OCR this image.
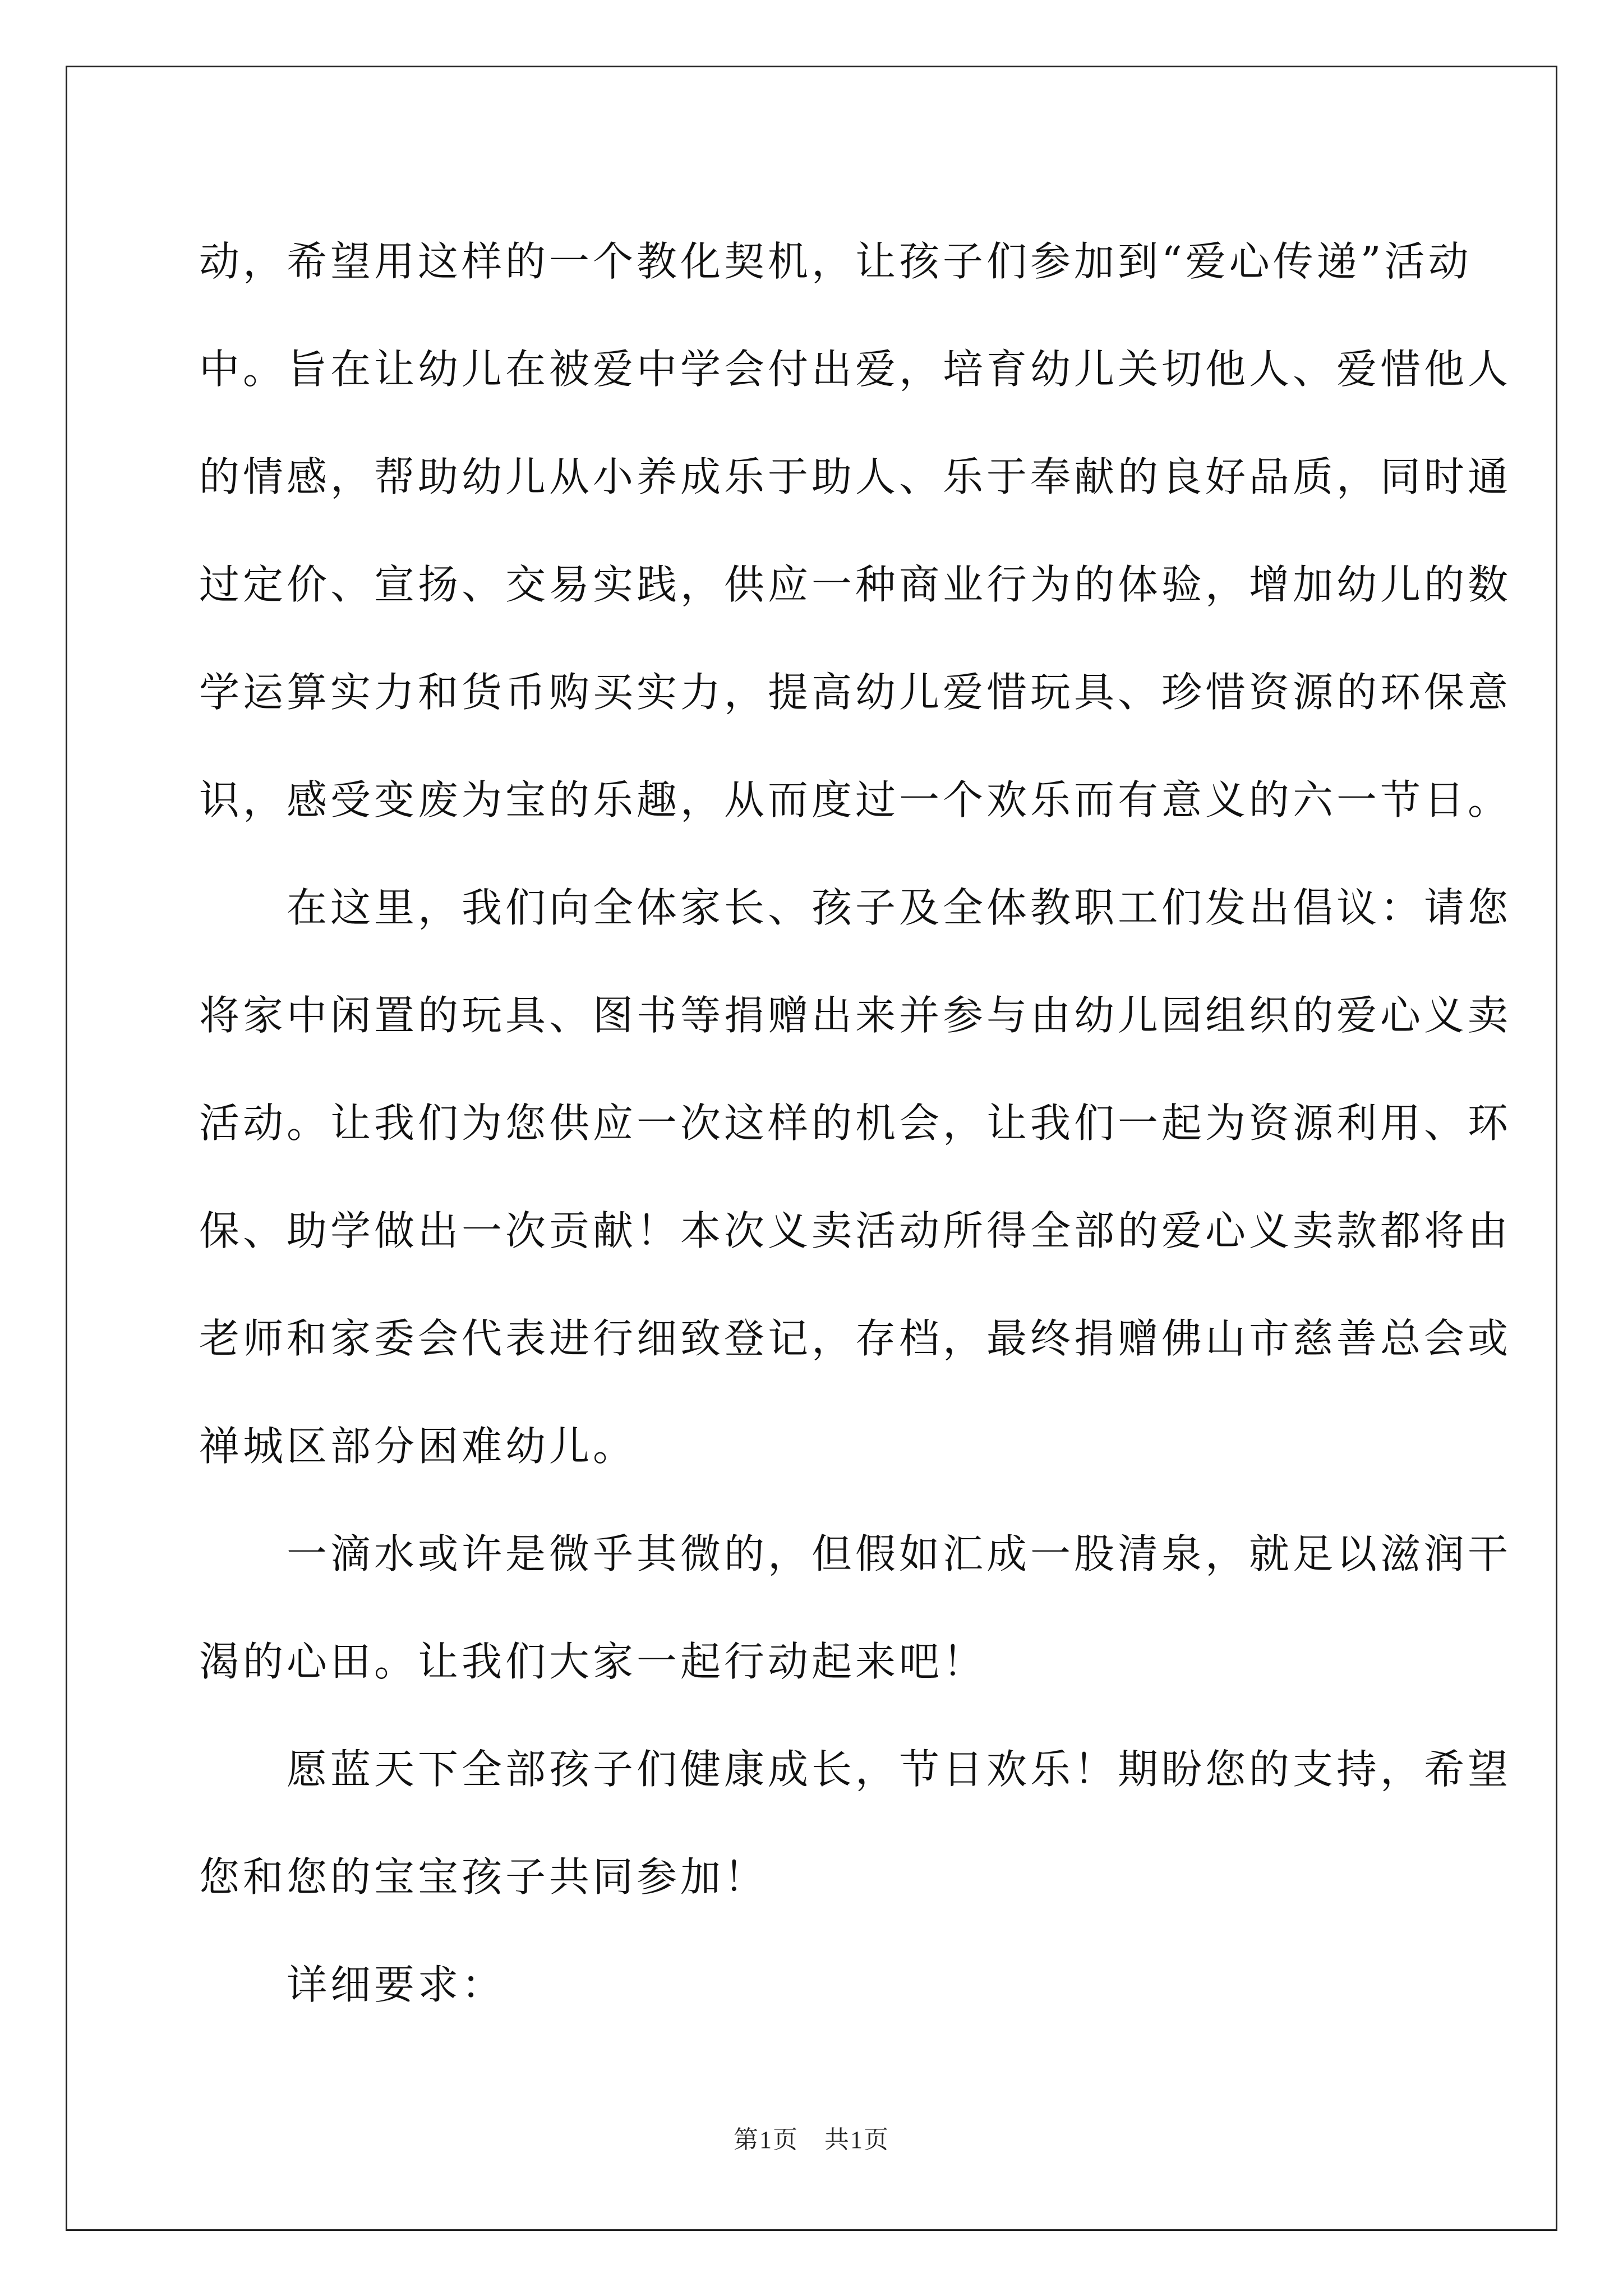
动，希望用这样的一个教化契机，让孩子们参加到“爱心传递”活动
中。旨在让幼儿在被爱中学会付出爱，培育幼儿关切他人、爱惜他人
的情感，帮助幼儿从小养成乐于助人、乐于奉献的良好品质，同时通
过定价、宣扬、交易实践，供应一种商业行为的体验，增加幼儿的数
学运算实力和货币购买实力，提高幼儿爱惜玩具、珍惜资源的环保意
识，感受变废为宝的乐趣，从而度过一个欢乐而有意义的六一节日。
　　在这里，我们向全体家长、孩子及全体教职工们发出倡议：请您
将家中闲置的玩具、图书等捐赠出来并参与由幼儿园组织的爱心义卖
活动。让我们为您供应一次这样的机会，让我们一起为资源利用、环
保、助学做出一次贡献！本次义卖活动所得全部的爱心义卖款都将由
老师和家委会代表进行细致登记，存档，最终捐赠佛山市慈善总会或
禅城区部分困难幼儿。
　　一滴水或许是微乎其微的，但假如汇成一股清泉，就足以滋润干
渴的心田。让我们大家一起行动起来吧！
　　愿蓝天下全部孩子们健康成长，节日欢乐！期盼您的支持，希望
您和您的宝宝孩子共同参加！
　　详细要求：
第1页　共1页
